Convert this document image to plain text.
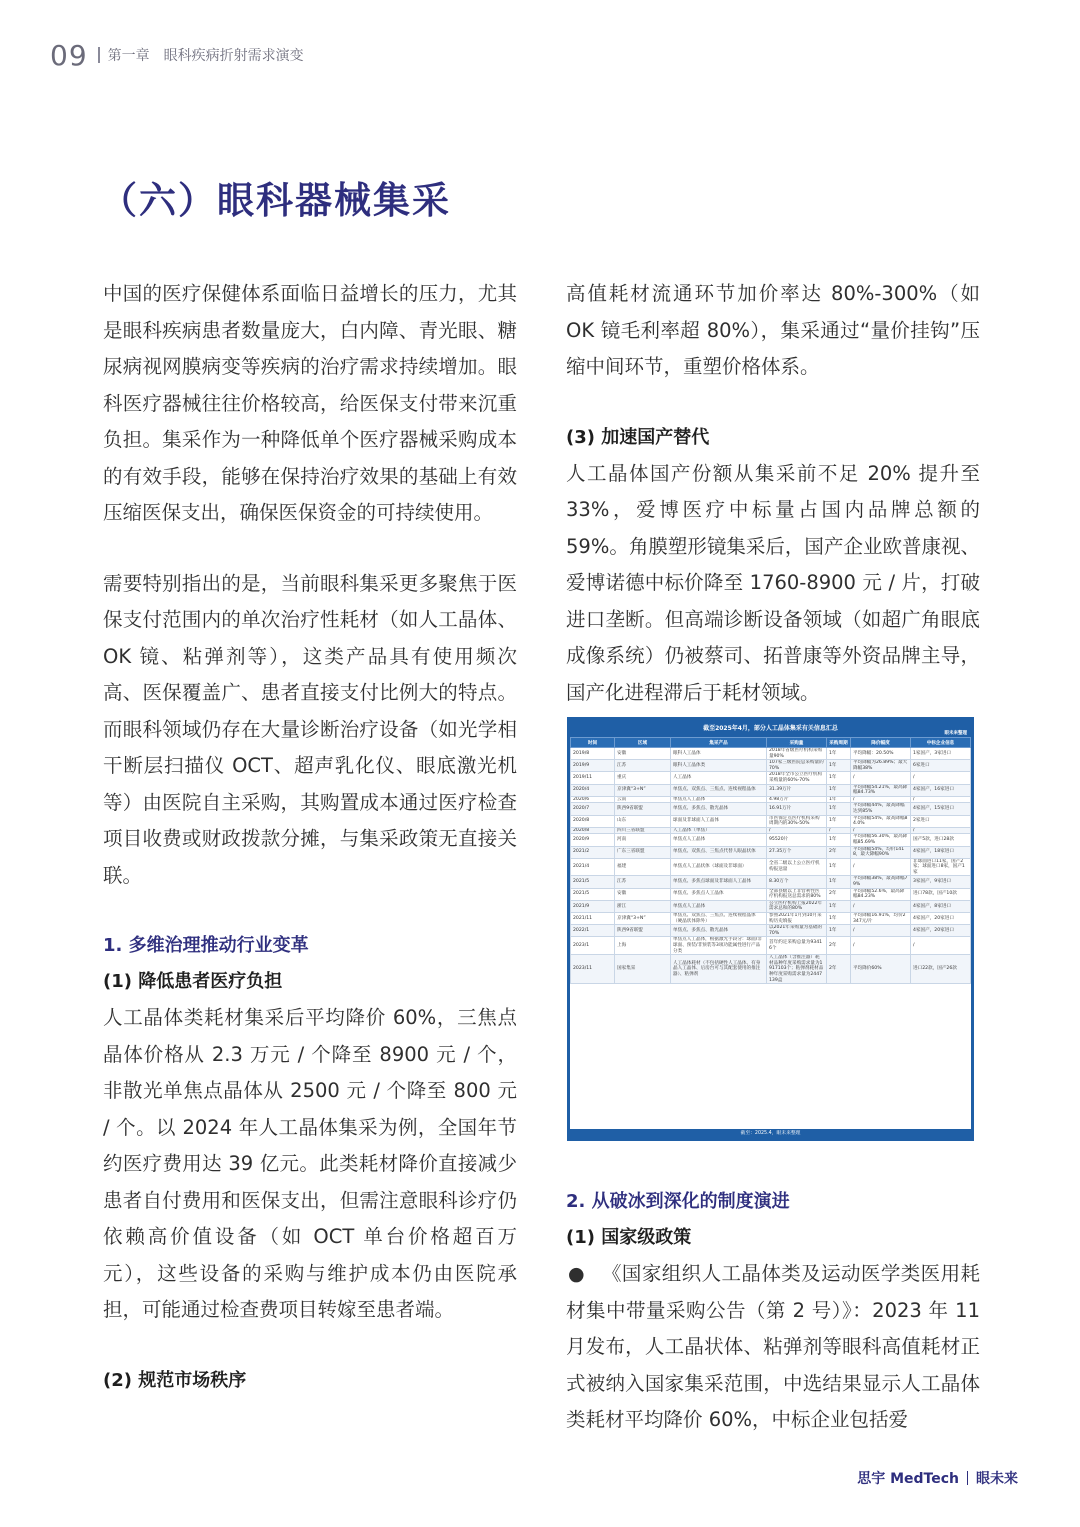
09 第一章 眼科疾病折射需求演变
（六）眼科器械集采

中国的医疗保健体系面临日益增长的压力，尤其是眼科疾病患者数量庞大，白内障、青光眼、糖尿病视网膜病变等疾病的治疗需求持续增加。眼科医疗器械往往价格较高，给医保支付带来沉重负担。集采作为一种降低单个医疗器械采购成本的有效手段，能够在保持治疗效果的基础上有效压缩医保支出，确保医保资金的可持续使用。

需要特别指出的是，当前眼科集采更多聚焦于医保支付范围内的单次治疗性耗材（如人工晶体、OK 镜、粘弹剂等），这类产品具有使用频次高、医保覆盖广、患者直接支付比例大的特点。而眼科领域仍存在大量诊断治疗设备（如光学相干断层扫描仪 OCT、超声乳化仪、眼底激光机等）由医院自主采购，其购置成本通过医疗检查项目收费或财政拨款分摊，与集采政策无直接关联。

1. 多维治理推动行业变革

(1) 降低患者医疗负担

人工晶体类耗材集采后平均降价 60%，三焦点晶体价格从 2.3 万元 / 个降至 8900 元 / 个，非散光单焦点晶体从 2500 元 / 个降至 800 元 / 个。以 2024 年人工晶体集采为例，全国年节约医疗费用达 39 亿元。此类耗材降价直接减少患者自付费用和医保支出，但需注意眼科诊疗仍依赖高价值设备（如 OCT 单台价格超百万元），这些设备的采购与维护成本仍由医院承担，可能通过检查费项目转嫁至患者端。

(2) 规范市场秩序

高值耗材流通环节加价率达 80%-300%（如 OK 镜毛利率超 80%），集采通过“量价挂钩”压缩中间环节，重塑价格体系。

(3) 加速国产替代

人工晶体国产份额从集采前不足 20% 提升至 33%，爱博医疗中标量占国内品牌总额的 59%。角膜塑形镜集采后，国产企业欧普康视、爱博诺德中标价降至 1760-8900 元 / 片，打破进口垄断。但高端诊断设备领域（如超广角眼底成像系统）仍被蔡司、拓普康等外资品牌主导，国产化进程滞后于耗材领域。

截至2025年4月，部分人工晶体集采有关信息汇总
眼未来整理
时间	区域	集采产品	采购量	采购周期	降价幅度	中标企业信息
2019/8	安徽	眼科人工晶体	2018年省级医疗机构采购量90%	1年	平均降幅：20.50%	1家国产，3家进口
2019/9	江苏	眼科人工晶体类	107家三级医院总采购量的70%	1年	平均降幅为26.89%；最大降幅38%	6家进口
2019/11	重庆	人工晶体	2018年全市公立医疗机构采购量的60%-70%	1年	/	/
2020/4	京津冀“3+N”	单焦点、双焦点、三焦点、连续视程晶体	31.39万片	1年	平均降幅54.21%，最高降幅84.73%	4家国产，16家进口
2020/6	云南	单焦点人工晶体	4.98万片	1年	/	/
2020/7	陕西9省联盟	单焦点、多焦点、散光晶体	16.91万片	1年	平均降幅44%，最高降幅达到85%	4家国产，15家进口
2020/8	山东	球面及非球面人工晶体	市医保定点医疗机构采购周期内的30%-50%	1年	平均降幅54%，最高降幅84.0%	2家进口
2020/8	四川三省联盟	人工晶体（单焦）	/	/	/	/
2020/9	河南	单焦点人工晶体	95520片	1年	平均降幅56.30%，最高降幅85.69%	国产5款，进口28款
2021/2	广东三省联盟	单焦点、双焦点、三焦点代替人眼晶状体	27.35万个	2年	平均降幅54%，均价1418，最大降幅90%	4家国产，18家进口
2021/4	福建	单焦点人工晶状体（球面及非球面）	全省二级以上公立医疗机构报送量	1年	/	非球面进口11家，国产2家；球面进口8家，国产1家
2021/5	江苏	单焦点、多焦点球面及非球面人工晶体	8.30万个	1年	平均降幅38%，最高降幅79%	3家国产，9家进口
2021/5	安徽	单焦点、多焦点人工晶体	全部县级以上非营利性医疗机构报送总需求的80%	2年	平均降幅52.6%，最高降幅84.23%	进口78款，国产10款
2021/9	浙江	单焦点人工晶体	公立医疗机构上报2022年需求总和的80%	1年	/	4家国产，8家进口
2021/11	京津冀“3+N”	单焦点、双焦点、三焦点、连续视程晶体（硬晶状体除外）	参照2021年1月到10月采购历史填报	1年	平均降幅16.91%，均价2347元/片	4家国产，20家进口
2022/1	陕西9省联盟	单焦点、多焦点、散光晶体	以2021年采购量为基础的70%	1年	/	4家国产，20家进口
2023/1	上海	单焦点人工晶体，根据激光手段分：球面/非球面、预装/非预装等3项功能属性进行产品分类	首年约定采购总量为93416个	2年	/	/
2023/11	国家集采	人工晶体耗材（不包括硬性人工晶体、有身晶人工晶体、后房台可与其配套使用的推注器）、粘弹剂	人工晶体（含推注器）耗材品种年度采购需求量为1917103个；粘弹剂耗材品种年度采购需求量为2447139盒	2年	平均降价60%	进口22款，国产26款
截至：2025.4，眼未来整理

2. 从破冰到深化的制度演进

(1) 国家级政策

● 《国家组织人工晶体类及运动医学类医用耗材集中带量采购公告（第 2 号）》：2023 年 11 月发布，人工晶状体、粘弹剂等眼科高值耗材正式被纳入国家集采范围，中选结果显示人工晶体类耗材平均降价 60%，中标企业包括爱

思宇 MedTech 眼未来
